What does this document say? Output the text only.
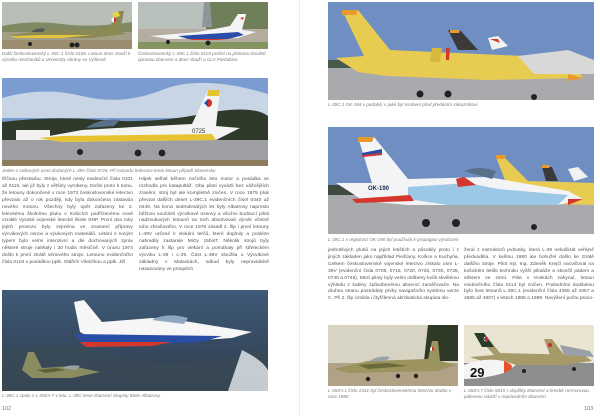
Další československý L-39C.1 číslo 0106. Letoun dnes slouží k výcviku mechaniků u Univerzity obrany ve Vyškově
Československý L-39C.1 číslo 0103 prošel na přelomu tisíciletí úpravou zbarvení a dnes slouží u CLV Pardubice
0725
Jeden z celkových osmi dodaných L-39V číslo 0725. Při rozpadu federace tento letoun připadl Slovensku
tříčnou přestavbu. Stroje, které nesly evidenční čísla 0101 až 0115, ale již byly z většiny vyrobeny. Došlo proto k tomu, že letouny dokončené v roce 1973 československé letectvo převzalo až o rok později, kdy byla dokončena zástavba nového motoru. Všechny byly opět zařazeny ke 2. leteckému školnímu pluku v Košicích podřízenému nově vzniklé Vysoké vojenské letecké škole SNP. První dva roky jejich provozu byly zejména ve znamení přípravy výcvikových osnov a výukových materiálů. Létání s novým typem bylo velmi intenzivní a dle dochovaných zpráv některé stroje nalétaly i 30 hodin měsíčně. V únoru 1974 došlo k první ztrátě sériového stroje. Letounu evidenčního čísla 0104 s posádkou pplk. Oldřich Všetičkou a pplk. Jiří
Hájek selhal během nočního letu motor a posádka se rozhodla pro katapultáž. Oba piloti vyvázli bez vážnějších zranění, stroj byl ale kompletně zničen. V roce 1975 pluk převzal dalších deset L-39C.1 evidenčních čísel 0440 až 0449. Na konci sedmdesátých let byly Albatrosy naprosto běžnou součástí výcvikové osnovy a všichni budoucí piloti nadzvukových letounů na nich absolvovali výcvik včetně toho zbraňového. V roce 1976 zásadl 2. lšp i první letouny L-39V určené k vlekání terčů, které doplnily a posléze nahradily zastarale MiGy 15bisT. Několik strojů byly zařazeny k lšp pro vlekání a pomáhaly při střeleckém výcviku L-39 i L-29. Část L-39V sloužila u Výcvikové základny v Malackách, odkud byly nepravidelně nasazovány ve prospěch
L-39C.1 spolu s L-39ZA 7 v letu. L-39C nese zbarvení skupiny Biele Albatrosy
102
L-39C.1 OK-184 v podobě, v jaké byl osobení před předáním zákazníkovi
OK-190
L-39C.1 s registrací OK-190 byl používán k propagaci výrobcem
jednotlivých pluků na jejich letištích a působily proto i z jiných základen jako například Piešťany, Košice a Kuchyňa. Celkem československé vojenské letectvo získalo osm L-39V (evidenční čísla 0705, 0715, 0720, 0725, 0730, 0735, 0740 a 0745). Mezi piloty byly velmi oblíbeny kvůli skvělému výhledu z kabiny způsobenému absencí zaměřovače. Na druhou stranu postrádaly prvky navigačního systému verze C. Při 2. lšp vznikla i čtyřčlenná akrobatická skupina slo-
žená z instruktorů jednotky, která L-39 nekolikrát veřejně předváděla. V květnu 1980 ale bohužel došlo ke ztrátě dalšího stroje. Pilot mjr. Ing. Zdeněk Krejčí nacvičoval na košickém letišti techniku vyšší pilotáže a skončil pádem a střetem se zemí. Pilot v troskách zahynul, letoun evidenčního čísla 0114 byl zničen. Posledními dodávkou bylo šest letounů L-39C.1 (evidenční čísla 4355 až 4357 a 4605 až 4607) v letech 1988 a 1989. Navýšení počtu provo-
L-39ZA.1 číslo 2341 byl československému letectvu dodán v roce 1980
29
L-39ZA.7 číslo 5015 s doplňky zbarvení a kresbě i krmorovou palevnou nádrží v nepůvodním zbarvení
103
